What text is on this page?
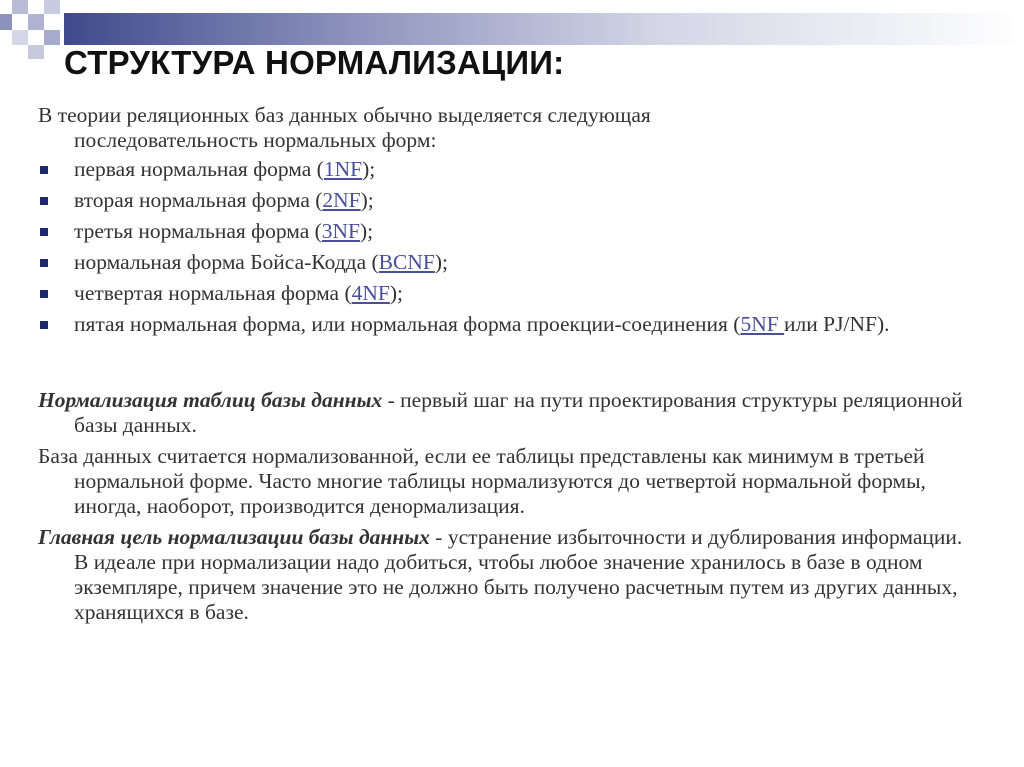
СТРУКТУРА НОРМАЛИЗАЦИИ:

В теории реляционных баз данных обычно выделяется следующая
последовательность нормальных форм:

первая нормальная форма (1NF);
вторая нормальная форма (2NF);
третья нормальная форма (3NF);
нормальная форма Бойса-Кодда (BCNF);
четвертая нормальная форма (4NF);
пятая нормальная форма, или нормальная форма проекции-соединения (5NF или PJ/NF).

Нормализация таблиц базы данных - первый шаг на пути проектирования структуры реляционной базы данных.

База данных считается нормализованной, если ее таблицы представлены как минимум в третьей нормальной форме. Часто многие таблицы нормализуются до четвертой нормальной формы, иногда, наоборот, производится денормализация.

Главная цель нормализации базы данных - устранение избыточности и дублирования информации. В идеале при нормализации надо добиться, чтобы любое значение хранилось в базе в одном экземпляре, причем значение это не должно быть получено расчетным путем из других данных, хранящихся в базе.
